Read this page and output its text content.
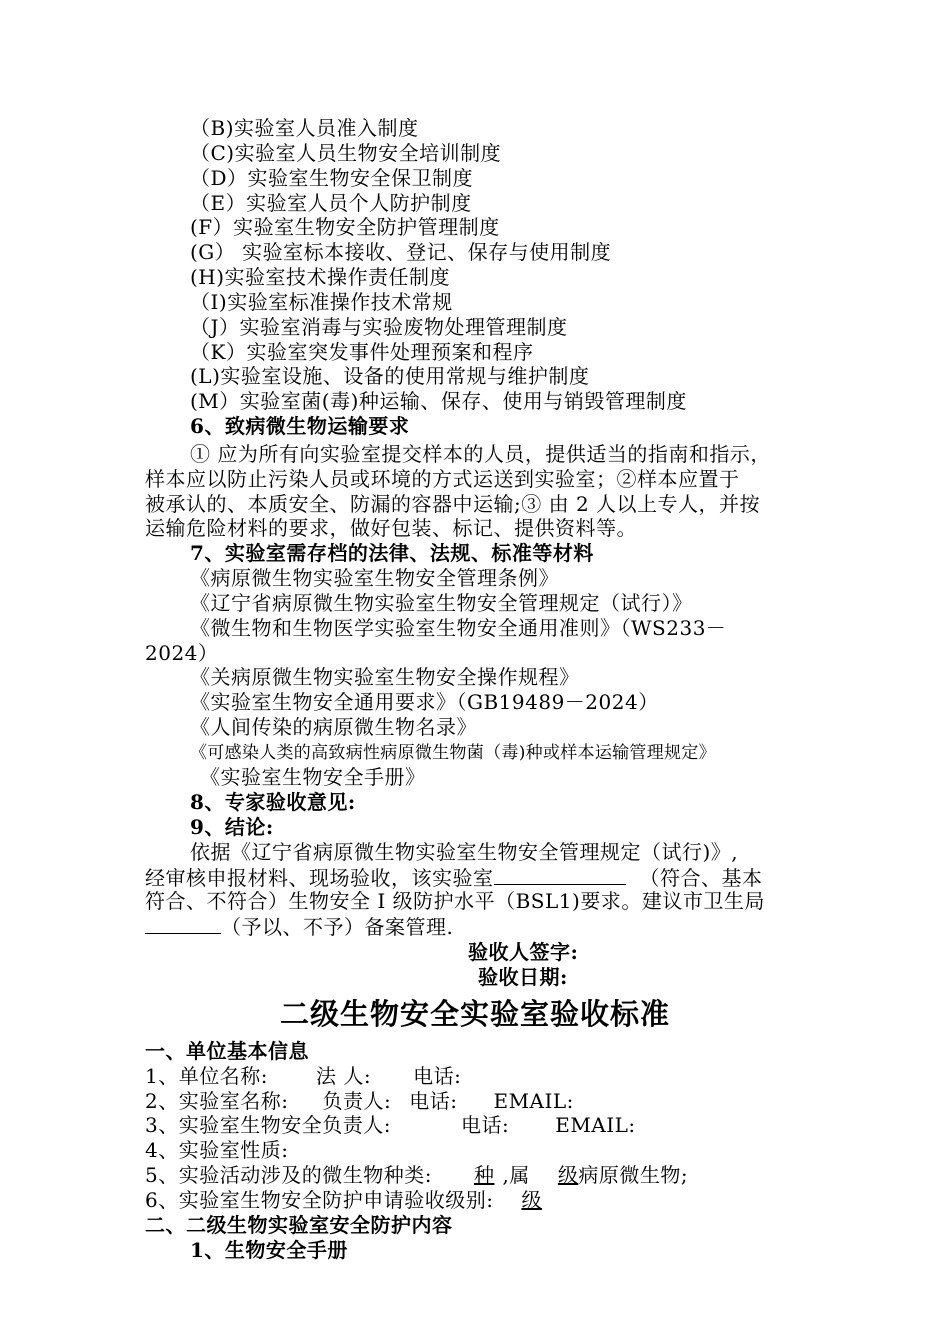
（B)实验室人员准入制度
（C)实验室人员生物安全培训制度
（D）实验室生物安全保卫制度
（E）实验室人员个人防护制度
(F）实验室生物安全防护管理制度
(G） 实验室标本接收、登记、保存与使用制度
(H)实验室技术操作责任制度
（I)实验室标准操作技术常规
（J）实验室消毒与实验废物处理管理制度
（K）实验室突发事件处理预案和程序
(L)实验室设施、设备的使用常规与维护制度
(M）实验室菌(毒)种运输、保存、使用与销毁管理制度
6、致病微生物运输要求
① 应为所有向实验室提交样本的人员，提供适当的指南和指示，
样本应以防止污染人员或环境的方式运送到实验室；②样本应置于
被承认的、本质安全、防漏的容器中运输;③ 由 2 人以上专人，并按
运输危险材料的要求，做好包装、标记、提供资料等。
7、实验室需存档的法律、法规、标准等材料
《病原微生物实验室生物安全管理条例》
《辽宁省病原微生物实验室生物安全管理规定（试行）》
《微生物和生物医学实验室生物安全通用准则》（WS233－
2024）
《关病原微生物实验室生物安全操作规程》
《实验室生物安全通用要求》（GB19489－2024）
《人间传染的病原微生物名录》
《可感染人类的高致病性病原微生物菌（毒)种或样本运输管理规定》
《实验室生物安全手册》
8、专家验收意见:
9、结论:
依据《辽宁省病原微生物实验室生物安全管理规定（试行)》,
经审核申报材料、现场验收，该实验室	（符合、基本
符合、不符合）生物安全 I 级防护水平（BSL1)要求。建议市卫生局
（予以、不予）备案管理.
验收人签字:
验收日期:
二级生物安全实验室验收标准
一、单位基本信息
1、单位名称: 法 人: 电话:
2、实验室名称: 负责人: 电话: EMAIL:
3、实验室生物安全负责人:	电话: EMAIL:
4、实验室性质:
5、实验活动涉及的微生物种类: 种 ,属 级病原微生物;
6、实验室生物安全防护申请验收级别: 级
二、二级生物实验室安全防护内容
1、生物安全手册
